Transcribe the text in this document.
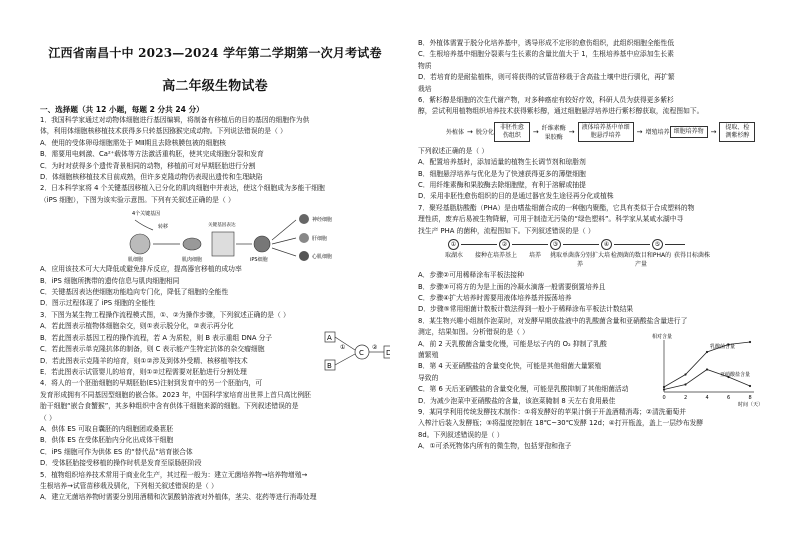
江西省南昌十中 2023—2024 学年第二学期第一次月考试卷
高二年级生物试卷
一、选择题（共 12 小题，每题 2 分共 24 分）
1．我国科学家通过对动物体细胞进行基因编辑，将制备有移植后的目的基因的细胞作为供
体，利用体细胞核移植技术获得多只转基因猕猴完成动物。下列说法错误的是（ ）
A．使用的受体卵母细胞需处于 MⅡ期且去除核膜包被的细胞核
B．需要用电刺激、Ca²⁺载体等方法激活重构胚，使其完成细胞分裂和发育
C．为时对获得多个遗传背景相同的动物，移植前可对早期胚胎进行分割
D．体细胞核移植技术目前成熟，但许多克隆动物仍表现出遗传和生理缺陷
2．日本科学家将 4 个关键基因移植入已分化的肌肉细胞中并表达，使这个细胞成为多能干细胞
（iPS 细胞），下图为该实验示意图。下列有关叙述正确的是（ ）
4个关键基因
转移
肌细胞	肌肉细胞
关键基因表达
iPS细胞
神经细胞
肝细胞
心肌细胞
A．应用该技术可大大降低或避免排斥反应，提高器官移植的成功率
B．iPS 细胞所携带的遗传信息与肌肉细胞相同
C．关键基因表达使细胞功能趋向专门化，降低了细胞的全能性
D．图示过程体现了 iPS 细胞的全能性
A
B
①
C
②
D
3．下图为某生物工程操作流程模式图，①、②为操作步骤，下列叙述正确的是（ ）
A．若此图表示植物体细胞杂交，则①表示脱分化，②表示再分化
B．若此图表示基因工程的操作流程，若 A 为质粒，则 B 表示重组 DNA 分子
C．若此图表示单克隆抗体的制备，则 C 表示能产生特定抗体的杂交瘤细胞
D．若此图表示克隆羊的培育，则①②涉及到体外受精、核移植等技术
E．若此图表示试管婴儿的培育，则①②过程需要对胚胎进行分割处理
4．将人的一个胚胎细胞的早期胚胎(ES)注射到发育中的另一个胚胎内，可
发育形成拥有不同基因型细胞的嵌合体。2023 年，中国科学家培育出世界上首只高比例胚
胎干细胞“嵌合食蟹猴”，其多种组织中含有供体干细胞来源的细胞。下列叙述错误的是
（ ）
A．供体 ES 可取自囊胚的内细胞团或桑葚胚
B．供体 ES 在受体胚胎内分化出成体干细胞
C．iPS 细胞可作为供体 ES 的“替代品”培育嵌合体
D．受体胚胎接受移植的操作时机是发育至原肠胚阶段
5．植物组织培养技术常用于商业化生产，其过程一般为：建立无菌培养物→培养物增殖→
生根培养→试管苗移栽及驯化，下列相关叙述错误的是（ ）
A．建立无菌培养物时需要分别用酒精和次氯酸钠溶液对外植体，茎尖、花药等进行消毒处理
B．外植体需置于脱分化培养基中，诱导形成不定形的愈伤组织，此组织细胞全能性低
C．生根培养基中细胞分裂素与生长素的含量比值大于 1，生根培养基中应添加生长素
物质
D．若培育的是耐盐植株，则可将获得的试管苗移栽于含高盐土壤中进行驯化，再扩繁
栽培
6．紫杉醇是细胞的次生代谢产物，对多种癌症有较好疗效，科研人员为获得更多紫杉
醇，尝试利用植物组织培养技术获得紫杉醇，通过细胞悬浮培养进行紫杉醇获取，流程图如下。
外植体 → 脱分化
非胚性愈伤组织	→ 纤维素酶
果胶酶
→
液体培养基中单细胞悬浮培养	→ 增殖培养 细胞培养物 →
提取、检测紫杉醇
下列叙述正确的是（ ）
A．配置培养基时，添加适量的植物生长调节剂和琼脂剂
B．细胞悬浮培养与优化是为了快速获得更多的薄壁细胞
C．用纤维素酶和果胶酶去除细胞壁，有利于溶解或抽提
D．采用非胚性愈伤组织的目的是通过器官发生途径再分化或植株
7．聚羟基脂肪酸酯（PHA）是由嗜盐细菌合成的一种胞内聚酯，它具有类似于合成塑料的物
理性质，废弃后易被生物降解，可用于制造无污染的“绿色塑料”。科学家从某咸水湖中寻
找生产 PHA 的菌种，流程图如下。下列叙述错误的是（ ）
①	②	③	④	⑤
取湖水	接种在培养基上	培养	挑取单菌落分别扩大培养
检测菌的数目和PHA的产量
获得目标菌株
A．步骤②可用稀释涂布平板法接种
B．步骤③可将方的为是上面的冷凝水滴落一般需要倒置培养且
C．步骤④扩大培养时需要用液体培养基并振荡培养
D．步骤⑤常用细菌计数板计数法得到一般小于稀释涂布平板法计数结果
相对含量
时间（天）
0	2	4	6	8
乳酸菌含量
亚硝酸盐含量
8．某生物兴趣小组制作泡菜时，对发酵早期放盐液中的乳酸菌含量和亚硝酸盐含量进行了
测定，结果如图。分析错误的是（ ）
A．前 2 天乳酸菌含量变化慢，可能是坛子内的 O₂ 抑制了乳酸
菌繁殖
B．第 4 天亚硝酸盐的含量变化快，可能是其他细菌大量繁殖
导致的
C．第 6 天后亚硝酸盐的含量变化慢，可能是乳酸抑制了其他细菌活动
D．为减少泡菜中亚硝酸盐的含量，该泡菜腌制 8 天左右食用最佳
9．某同学利用传统发酵技术制作：①将发酵好的苹果汁倒于开盖酒精消毒；②清洗葡萄并
入榨汁后装入发酵瓶；③将温度控制在 18℃~30℃发酵 12d；④打开瓶盖，盖上一层纱布发酵
8d。下列叙述错误的是（ ）
A．①可杀死物体内所有的微生物，包括芽孢和孢子
